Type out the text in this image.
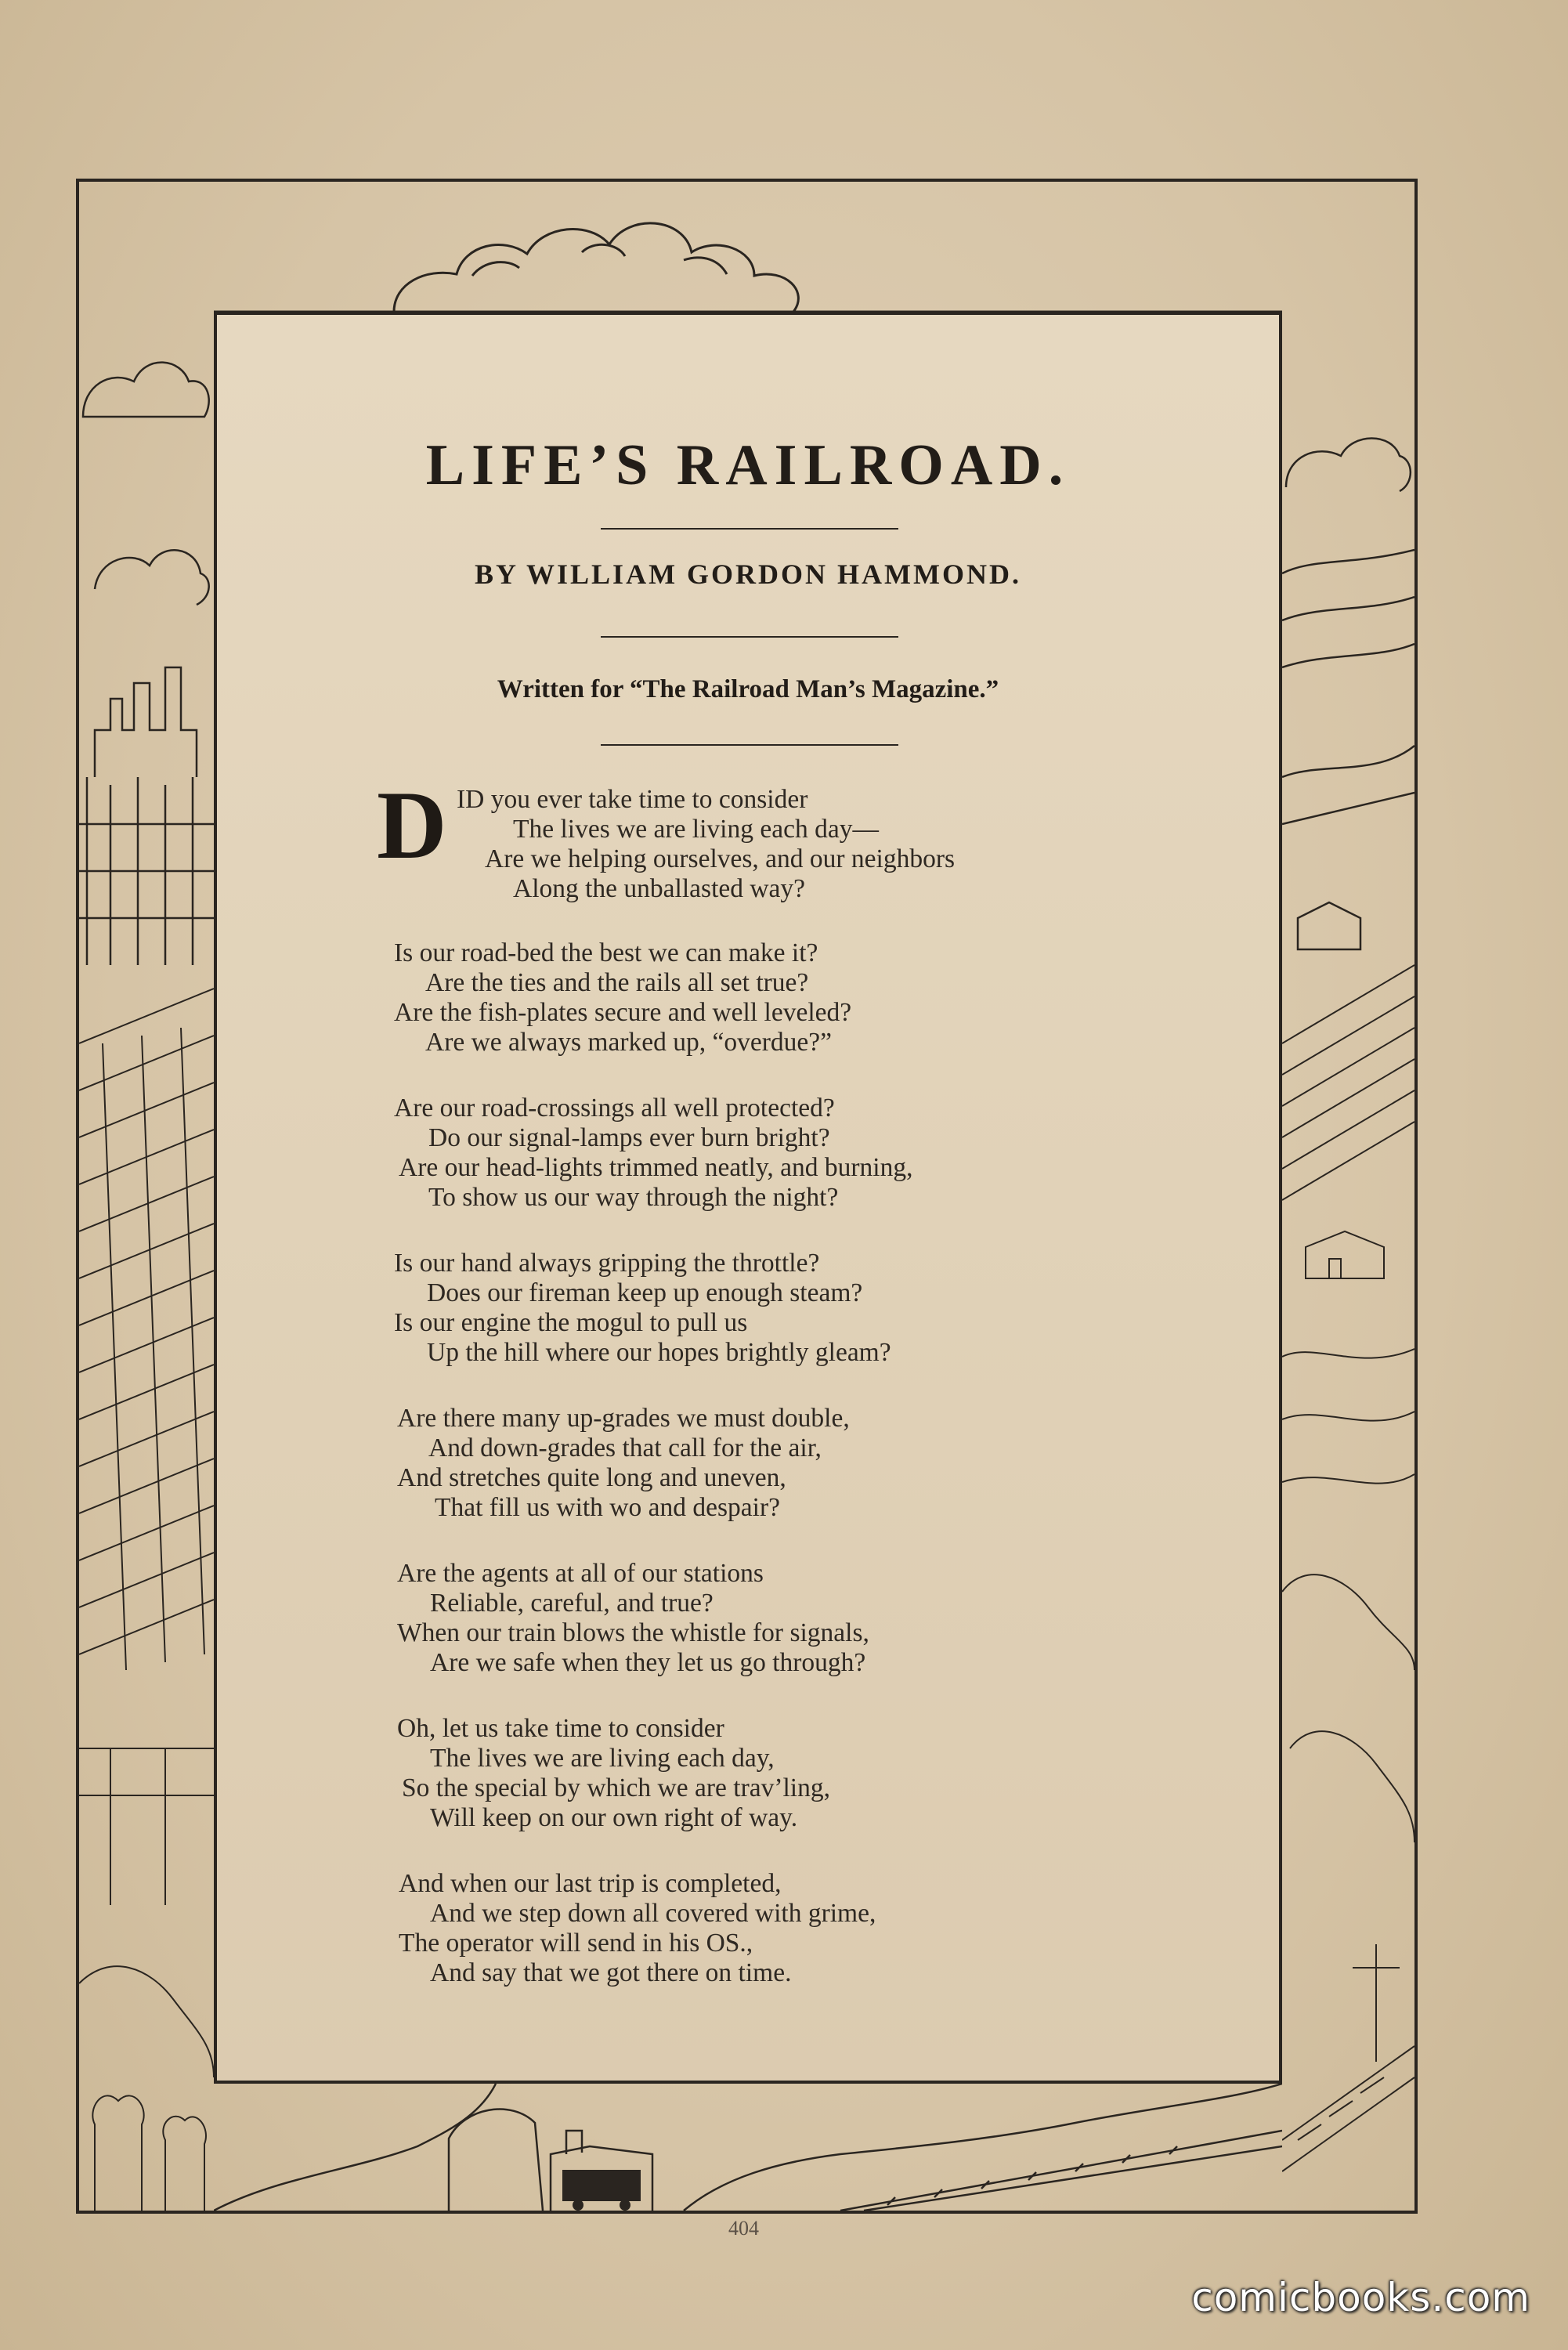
LIFE’S RAILROAD.
BY WILLIAM GORDON HAMMOND.
Written for “The Railroad Man’s Magazine.”
D ID you ever take time to consider
The lives we are living each day—
Are we helping ourselves, and our neighbors
Along the unballasted way?
Is our road-bed the best we can make it?
Are the ties and the rails all set true?
Are the fish-plates secure and well leveled?
Are we always marked up, “overdue?”
Are our road-crossings all well protected?
Do our signal-lamps ever burn bright?
Are our head-lights trimmed neatly, and burning,
To show us our way through the night?
Is our hand always gripping the throttle?
Does our fireman keep up enough steam?
Is our engine the mogul to pull us
Up the hill where our hopes brightly gleam?
Are there many up-grades we must double,
And down-grades that call for the air,
And stretches quite long and uneven,
That fill us with wo and despair?
Are the agents at all of our stations
Reliable, careful, and true?
When our train blows the whistle for signals,
Are we safe when they let us go through?
Oh, let us take time to consider
The lives we are living each day,
So the special by which we are trav’ling,
Will keep on our own right of way.
And when our last trip is completed,
And we step down all covered with grime,
The operator will send in his OS.,
And say that we got there on time.
404
comicbooks.com
